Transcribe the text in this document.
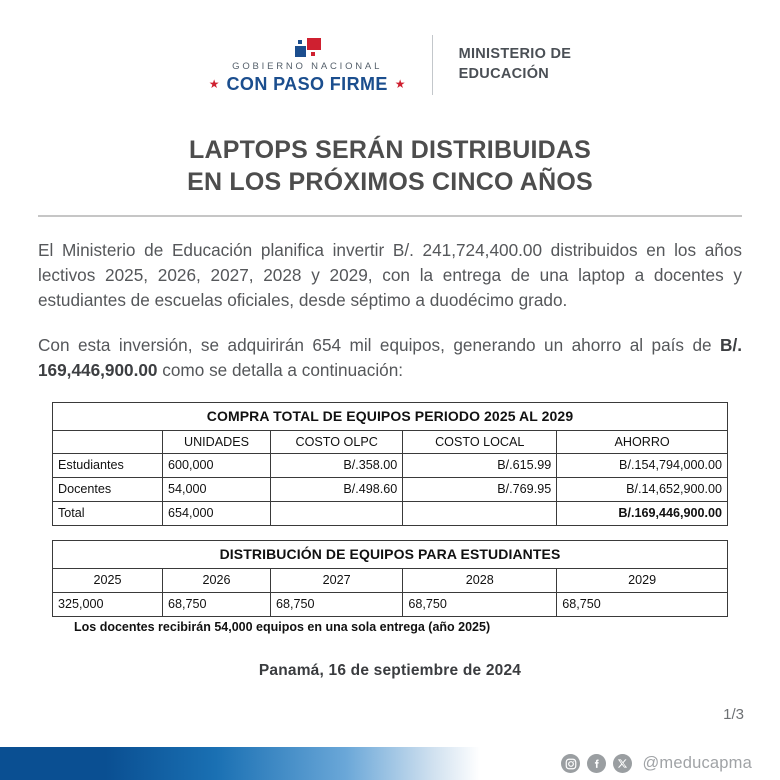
GOBIERNO NACIONAL
★ CON PASO FIRME ★
MINISTERIO DE
EDUCACIÓN
LAPTOPS SERÁN DISTRIBUIDAS
EN LOS PRÓXIMOS CINCO AÑOS

El Ministerio de Educación planifica invertir B/. 241,724,400.00 distribuidos en los años lectivos 2025, 2026, 2027, 2028 y 2029, con la entrega de una laptop a docentes y estudiantes de escuelas oficiales, desde séptimo a duodécimo grado.

Con esta inversión, se adquirirán 654 mil equipos, generando un ahorro al país de B/. 169,446,900.00 como se detalla a continuación:

COMPRA TOTAL DE EQUIPOS PERIODO 2025 AL 2029				
	UNIDADES	COSTO OLPC	COSTO LOCAL	AHORRO
Estudiantes	600,000	B/.358.00	B/.615.99	B/.154,794,000.00
Docentes	54,000	B/.498.60	B/.769.95	B/.14,652,900.00
Total	654,000			B/.169,446,900.00
DISTRIBUCIÓN DE EQUIPOS PARA ESTUDIANTES				
2025	2026	2027	2028	2029
325,000	68,750	68,750	68,750	68,750
Los docentes recibirán 54,000 equipos en una sola entrega (año 2025)
Panamá, 16 de septiembre de 2024
1/3
@meducapma
